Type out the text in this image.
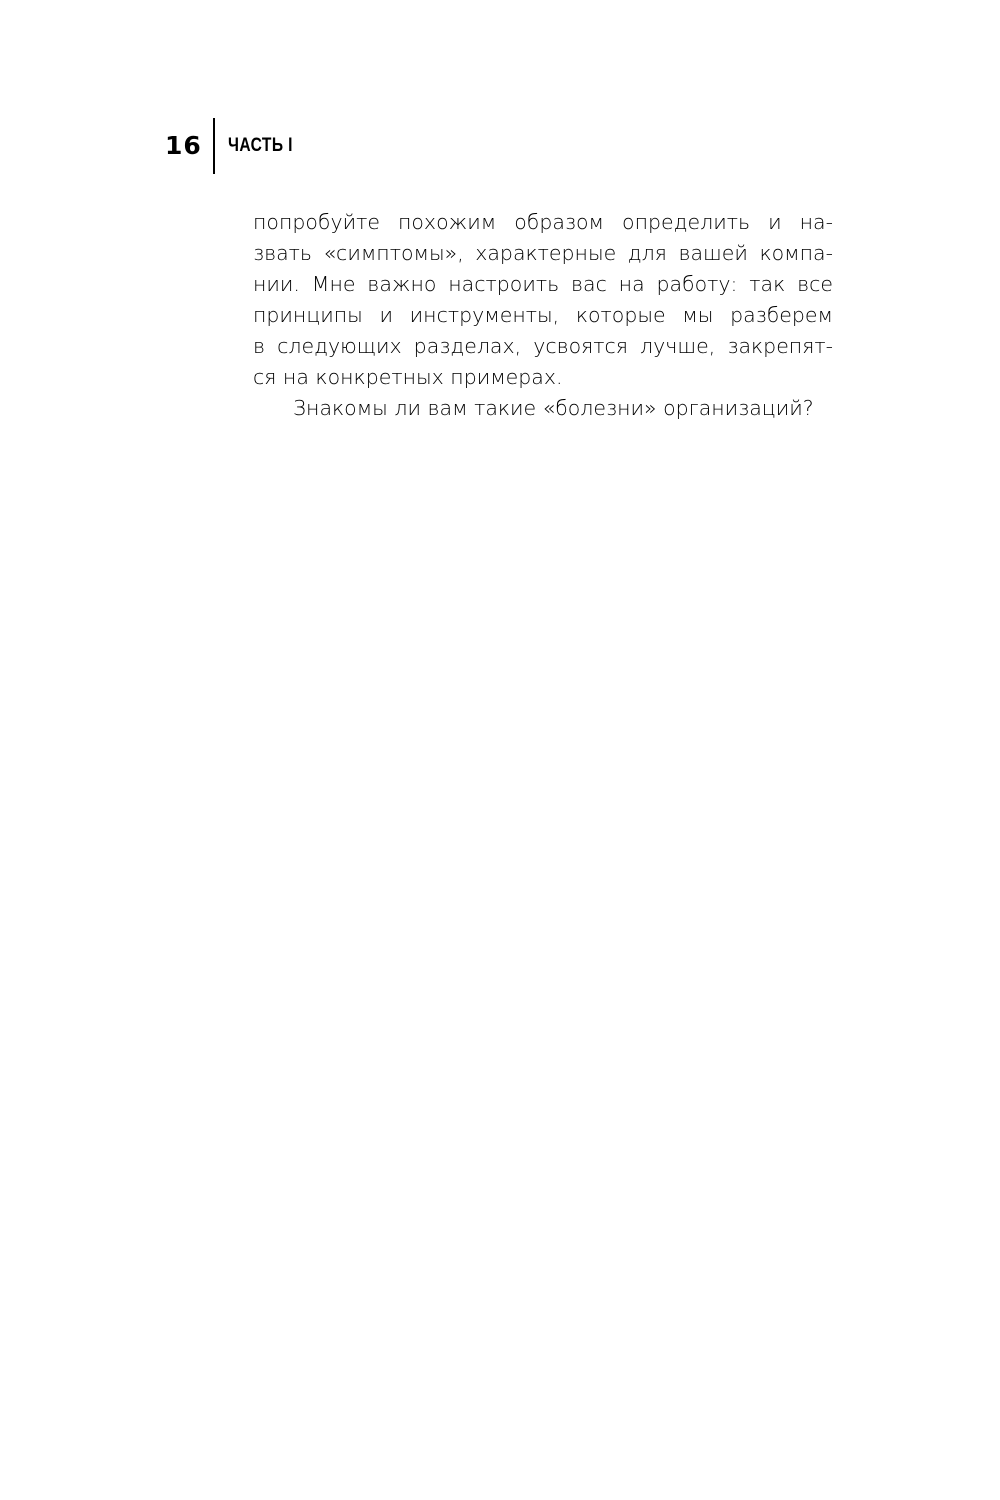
16 ЧАСТЬ I
попробуйте похожим образом определить и на-
звать «симптомы», характерные для вашей компа-
нии. Мне важно настроить вас на работу: так все
принципы и инструменты, которые мы разберем
в следующих разделах, усвоятся лучше, закрепят-
ся на конкретных примерах.
Знакомы ли вам такие «болезни» организаций?
